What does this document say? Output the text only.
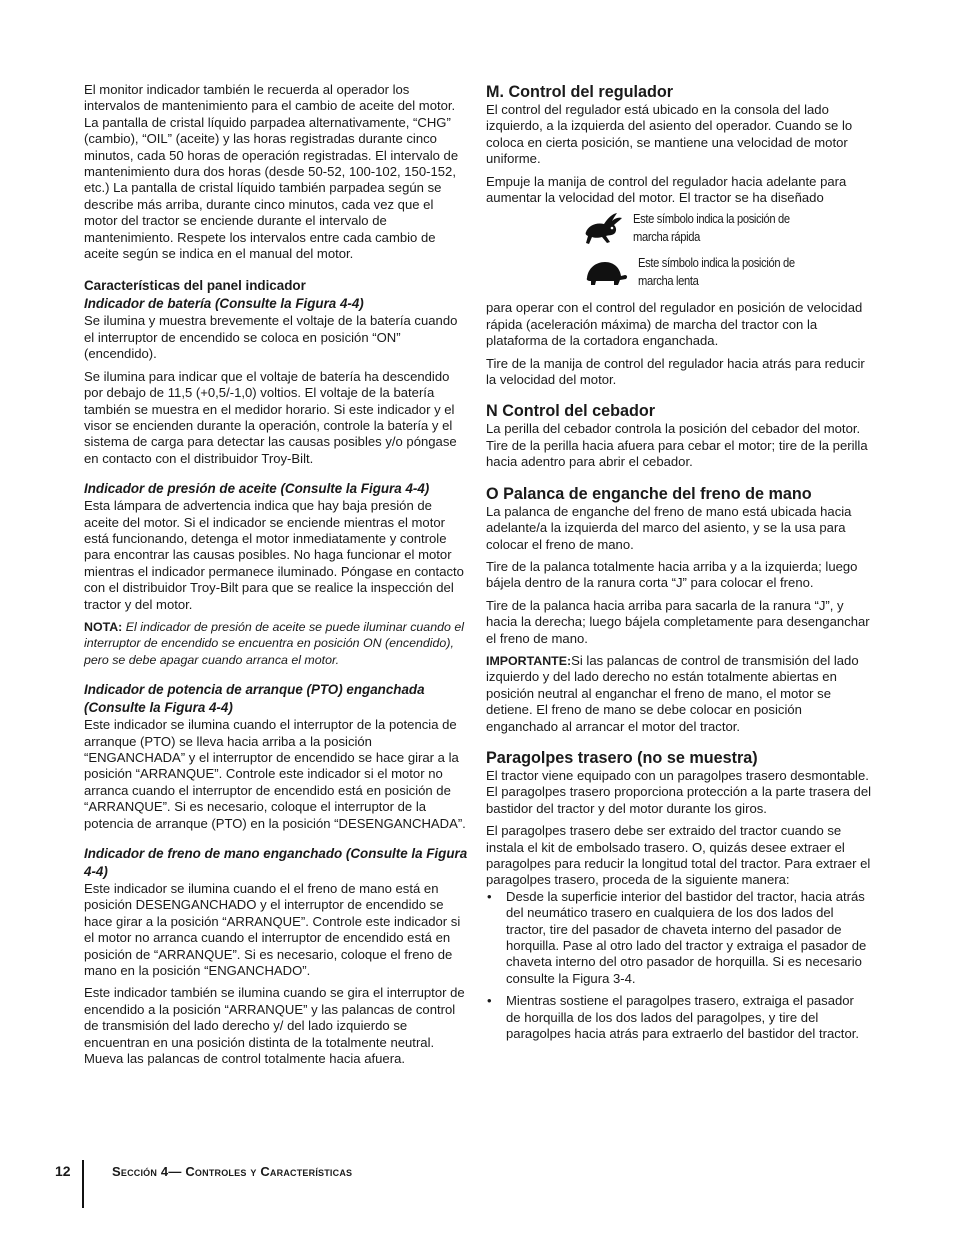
El monitor indicador también le recuerda al operador los intervalos de mantenimiento para el cambio de aceite del motor. La pantalla de cristal líquido parpadea alternativamente, “CHG” (cambio), “OIL” (aceite) y las horas registradas durante cinco minutos, cada 50 horas de operación registradas. El intervalo de mantenimiento dura dos horas (desde 50-52, 100-102, 150-152, etc.) La pantalla de cristal líquido también parpadea según se describe más arriba, durante cinco minutos, cada vez que el motor del tractor se enciende durante el intervalo de mantenimiento. Respete los intervalos entre cada cambio de aceite según se indica en el manual del motor.

Características del panel indicador

Indicador de batería (Consulte la Figura 4-4)

Se ilumina y muestra brevemente el voltaje de la batería cuando el interruptor de encendido se coloca en posición “ON” (encendido).

Se ilumina para indicar que el voltaje de batería ha descendido por debajo de 11,5 (+0,5/-1,0) voltios. El voltaje de la batería también se muestra en el medidor horario. Si este indicador y el visor se encienden durante la operación, controle la batería y el sistema de carga para detectar las causas posibles y/o póngase en contacto con el distribuidor Troy-Bilt.

Indicador de presión de aceite (Consulte la Figura 4-4)

Esta lámpara de advertencia indica que hay baja presión de aceite del motor. Si el indicador se enciende mientras el motor está funcionando, detenga el motor inmediatamente y controle para encontrar las causas posibles. No haga funcionar el motor mientras el indicador permanece iluminado. Póngase en contacto con el distribuidor Troy-Bilt para que se realice la inspección del tractor y del motor.

NOTA: El indicador de presión de aceite se puede iluminar cuando el interruptor de encendido se encuentra en posición ON (encendido), pero se debe apagar cuando arranca el motor.

Indicador de potencia de arranque (PTO) enganchada (Consulte la Figura 4-4)

Este indicador se ilumina cuando el interruptor de la potencia de arranque (PTO) se lleva hacia arriba a la posición “ENGANCHADA” y el interruptor de encendido se hace girar a la posición “ARRANQUE”. Controle este indicador si el motor no arranca cuando el interruptor de encendido está en posición de “ARRANQUE”. Si es necesario, coloque el interruptor de la potencia de arranque (PTO) en la posición “DESENGANCHADA”.

Indicador de freno de mano enganchado (Consulte la Figura 4-4)

Este indicador se ilumina cuando el el freno de mano está en posición DESENGANCHADO y el interruptor de encendido se hace girar a la posición “ARRANQUE”. Controle este indicador si el motor no arranca cuando el interruptor de encendido está en posición de “ARRANQUE”. Si es necesario, coloque el freno de mano en la posición “ENGANCHADO”.

Este indicador también se ilumina cuando se gira el interruptor de encendido a la posición “ARRANQUE” y las palancas de control de transmisión del lado derecho y/ del lado izquierdo se encuentran en una posición distinta de la totalmente neutral. Mueva las palancas de control totalmente hacia afuera.

M. Control del regulador

El control del regulador está ubicado en la consola del lado izquierdo, a la izquierda del asiento del operador. Cuando se lo coloca en cierta posición, se mantiene una velocidad de motor uniforme.

Empuje la manija de control del regulador hacia adelante para aumentar la velocidad del motor. El tractor se ha diseñado

Este símbolo indica la posición de marcha rápida
Este símbolo indica la posición de marcha lenta

para operar con el control del regulador en posición de velocidad rápida (aceleración máxima) de marcha del tractor con la plataforma de la cortadora enganchada.

Tire de la manija de control del regulador hacia atrás para reducir la velocidad del motor.

N Control del cebador

La perilla del cebador controla la posición del cebador del motor. Tire de la perilla hacia afuera para cebar el motor; tire de la perilla hacia adentro para abrir el cebador.

O Palanca de enganche del freno de mano

La palanca de enganche del freno de mano está ubicada hacia adelante/a la izquierda del marco del asiento, y se la usa para colocar el freno de mano.

Tire de la palanca totalmente hacia arriba y a la izquierda; luego bájela dentro de la ranura corta “J” para colocar el freno.

Tire de la palanca hacia arriba para sacarla de la ranura “J”, y hacia la derecha; luego bájela completamente para desenganchar el freno de mano.

IMPORTANTE:Si las palancas de control de transmisión del lado izquierdo y del lado derecho no están totalmente abiertas en posición neutral al enganchar el freno de mano, el motor se detiene. El freno de mano se debe colocar en posición enganchado al arrancar el motor del tractor.

Paragolpes trasero (no se muestra)

El tractor viene equipado con un paragolpes trasero desmontable. El paragolpes trasero proporciona protección a la parte trasera del bastidor del tractor y del motor durante los giros.

El paragolpes trasero debe ser extraido del tractor cuando se instala el kit de embolsado trasero. O, quizás desee extraer el paragolpes para reducir la longitud total del tractor. Para extraer el paragolpes trasero, proceda de la siguiente manera:

• Desde la superficie interior del bastidor del tractor, hacia atrás del neumático trasero en cualquiera de los dos lados del tractor, tire del pasador de chaveta interno del pasador de horquilla. Pase al otro lado del tractor y extraiga el pasador de chaveta interno del otro pasador de horquilla. Si es necesario consulte la Figura 3-4.
• Mientras sostiene el paragolpes trasero, extraiga el pasador de horquilla de los dos lados del paragolpes, y tire del paragolpes hacia atrás para extraerlo del bastidor del tractor.
12	Sección 4— Controles y Características
